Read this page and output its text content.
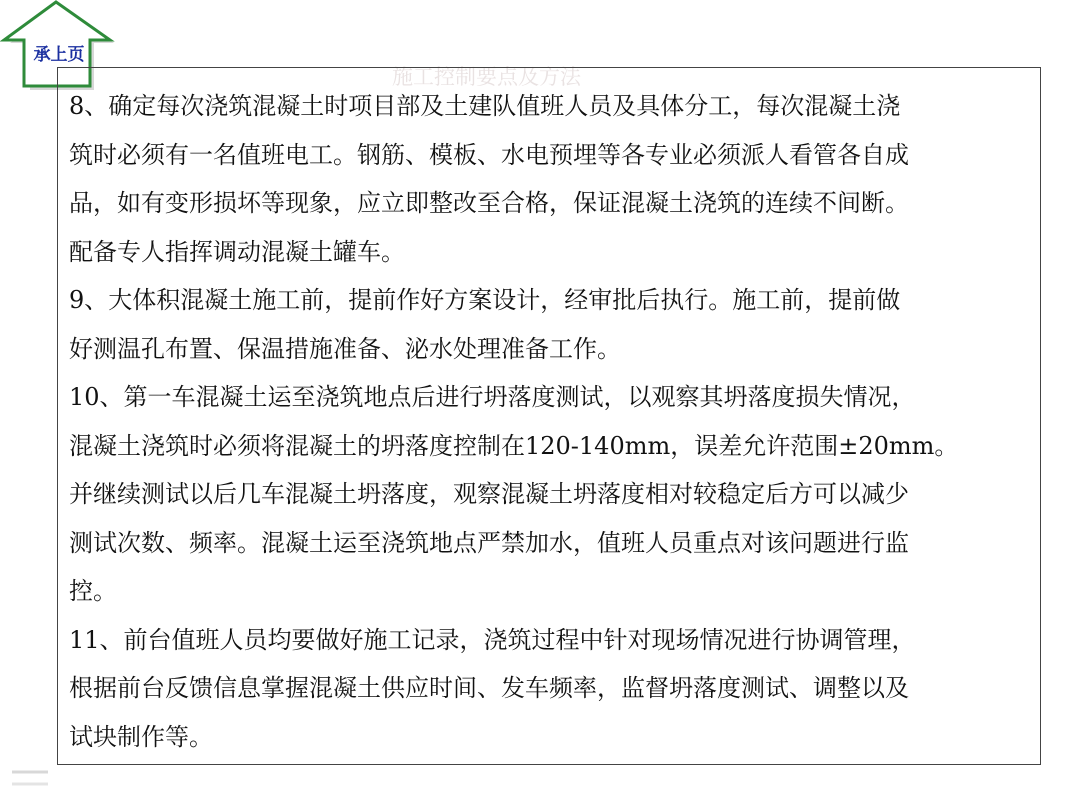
承上页
施工控制要点及方法

8、确定每次浇筑混凝土时项目部及土建队值班人员及具体分工，每次混凝土浇

筑时必须有一名值班电工。钢筋、模板、水电预埋等各专业必须派人看管各自成

品，如有变形损坏等现象，应立即整改至合格，保证混凝土浇筑的连续不间断。

配备专人指挥调动混凝土罐车。

9、大体积混凝土施工前，提前作好方案设计，经审批后执行。施工前，提前做

好测温孔布置、保温措施准备、泌水处理准备工作。

10、第一车混凝土运至浇筑地点后进行坍落度测试，以观察其坍落度损失情况，

混凝土浇筑时必须将混凝土的坍落度控制在120-140mm，误差允许范围±20mm。

并继续测试以后几车混凝土坍落度，观察混凝土坍落度相对较稳定后方可以减少

测试次数、频率。混凝土运至浇筑地点严禁加水，值班人员重点对该问题进行监

控。

11、前台值班人员均要做好施工记录，浇筑过程中针对现场情况进行协调管理，

根据前台反馈信息掌握混凝土供应时间、发车频率，监督坍落度测试、调整以及

试块制作等。
